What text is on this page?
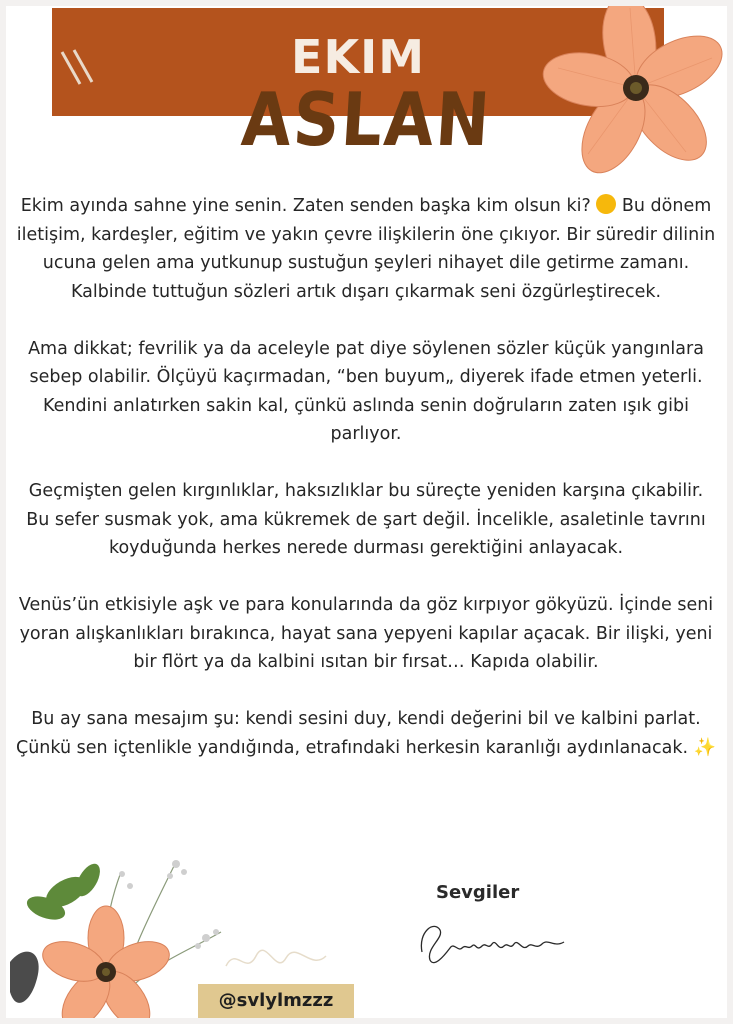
EKIM
ASLAN

Ekim ayında sahne yine senin. Zaten senden başka kim olsun ki?  Bu dönem iletişim, kardeşler, eğitim ve yakın çevre ilişkilerin öne çıkıyor. Bir süredir dilinin ucuna gelen ama yutkunup sustuğun şeyleri nihayet dile getirme zamanı. Kalbinde tuttuğun sözleri artık dışarı çıkarmak seni özgürleştirecek.

Ama dikkat; fevrilik ya da aceleyle pat diye söylenen sözler küçük yangınlara sebep olabilir. Ölçüyü kaçırmadan, “ben buyum„ diyerek ifade etmen yeterli. Kendini anlatırken sakin kal, çünkü aslında senin doğruların zaten ışık gibi parlıyor.

Geçmişten gelen kırgınlıklar, haksızlıklar bu süreçte yeniden karşına çıkabilir. Bu sefer susmak yok, ama kükremek de şart değil. İncelikle, asaletinle tavrını koyduğunda herkes nerede durması gerektiğini anlayacak.

Venüs’ün etkisiyle aşk ve para konularında da göz kırpıyor gökyüzü. İçinde seni yoran alışkanlıkları bırakınca, hayat sana yepyeni kapılar açacak. Bir ilişki, yeni bir flört ya da kalbini ısıtan bir fırsat… Kapıda olabilir.

Bu ay sana mesajım şu: kendi sesini duy, kendi değerini bil ve kalbini parlat. Çünkü sen içtenlikle yandığında, etrafındaki herkesin karanlığı aydınlanacak. ✨

Sevgiler
@svlylmzzz
